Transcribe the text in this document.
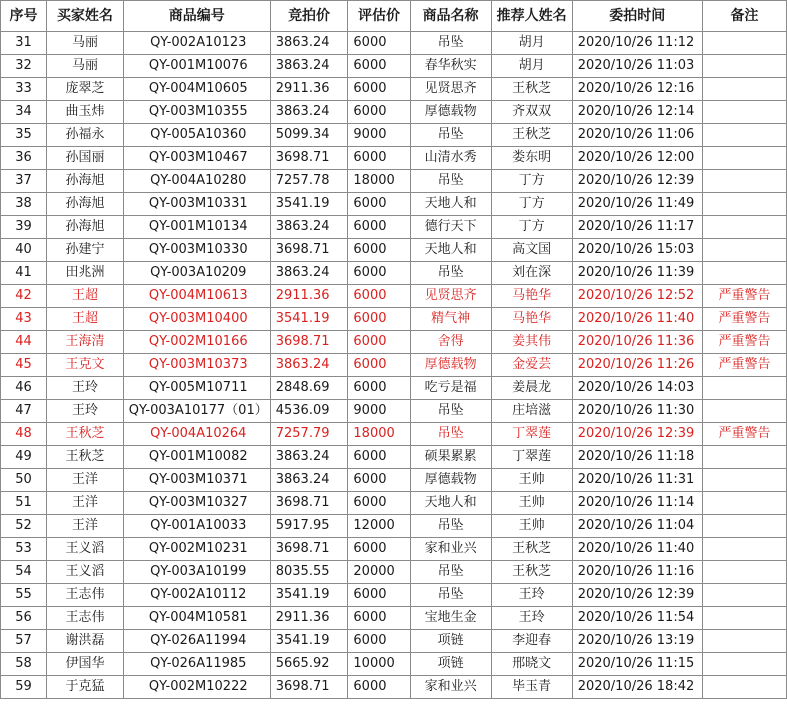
序号	买家姓名	商品编号	竞拍价	评估价	商品名称	推荐人姓名	委拍时间	备注
31	马丽	QY-002A10123	3863.24	6000	吊坠	胡月	2020/10/26 11:12	
32	马丽	QY-001M10076	3863.24	6000	春华秋实	胡月	2020/10/26 11:03	
33	庞翠芝	QY-004M10605	2911.36	6000	见贤思齐	王秋芝	2020/10/26 12:16	
34	曲玉炜	QY-003M10355	3863.24	6000	厚德载物	齐双双	2020/10/26 12:14	
35	孙福永	QY-005A10360	5099.34	9000	吊坠	王秋芝	2020/10/26 11:06	
36	孙国丽	QY-003M10467	3698.71	6000	山清水秀	娄东明	2020/10/26 12:00	
37	孙海旭	QY-004A10280	7257.78	18000	吊坠	丁方	2020/10/26 12:39	
38	孙海旭	QY-003M10331	3541.19	6000	天地人和	丁方	2020/10/26 11:49	
39	孙海旭	QY-001M10134	3863.24	6000	德行天下	丁方	2020/10/26 11:17	
40	孙建宁	QY-003M10330	3698.71	6000	天地人和	高文国	2020/10/26 15:03	
41	田兆洲	QY-003A10209	3863.24	6000	吊坠	刘在深	2020/10/26 11:39	
42	王超	QY-004M10613	2911.36	6000	见贤思齐	马艳华	2020/10/26 12:52	严重警告
43	王超	QY-003M10400	3541.19	6000	精气神	马艳华	2020/10/26 11:40	严重警告
44	王海清	QY-002M10166	3698.71	6000	舍得	姜其伟	2020/10/26 11:36	严重警告
45	王克文	QY-003M10373	3863.24	6000	厚德载物	金爱芸	2020/10/26 11:26	严重警告
46	王玲	QY-005M10711	2848.69	6000	吃亏是福	姜晨龙	2020/10/26 14:03	
47	王玲	QY-003A10177（01）	4536.09	9000	吊坠	庄培滋	2020/10/26 11:30	
48	王秋芝	QY-004A10264	7257.79	18000	吊坠	丁翠莲	2020/10/26 12:39	严重警告
49	王秋芝	QY-001M10082	3863.24	6000	硕果累累	丁翠莲	2020/10/26 11:18	
50	王洋	QY-003M10371	3863.24	6000	厚德载物	王帅	2020/10/26 11:31	
51	王洋	QY-003M10327	3698.71	6000	天地人和	王帅	2020/10/26 11:14	
52	王洋	QY-001A10033	5917.95	12000	吊坠	王帅	2020/10/26 11:04	
53	王义滔	QY-002M10231	3698.71	6000	家和业兴	王秋芝	2020/10/26 11:40	
54	王义滔	QY-003A10199	8035.55	20000	吊坠	王秋芝	2020/10/26 11:16	
55	王志伟	QY-002A10112	3541.19	6000	吊坠	王玲	2020/10/26 12:39	
56	王志伟	QY-004M10581	2911.36	6000	宝地生金	王玲	2020/10/26 11:54	
57	谢洪磊	QY-026A11994	3541.19	6000	项链	李迎春	2020/10/26 13:19	
58	伊国华	QY-026A11985	5665.92	10000	项链	邢晓文	2020/10/26 11:15	
59	于克猛	QY-002M10222	3698.71	6000	家和业兴	毕玉青	2020/10/26 18:42	
